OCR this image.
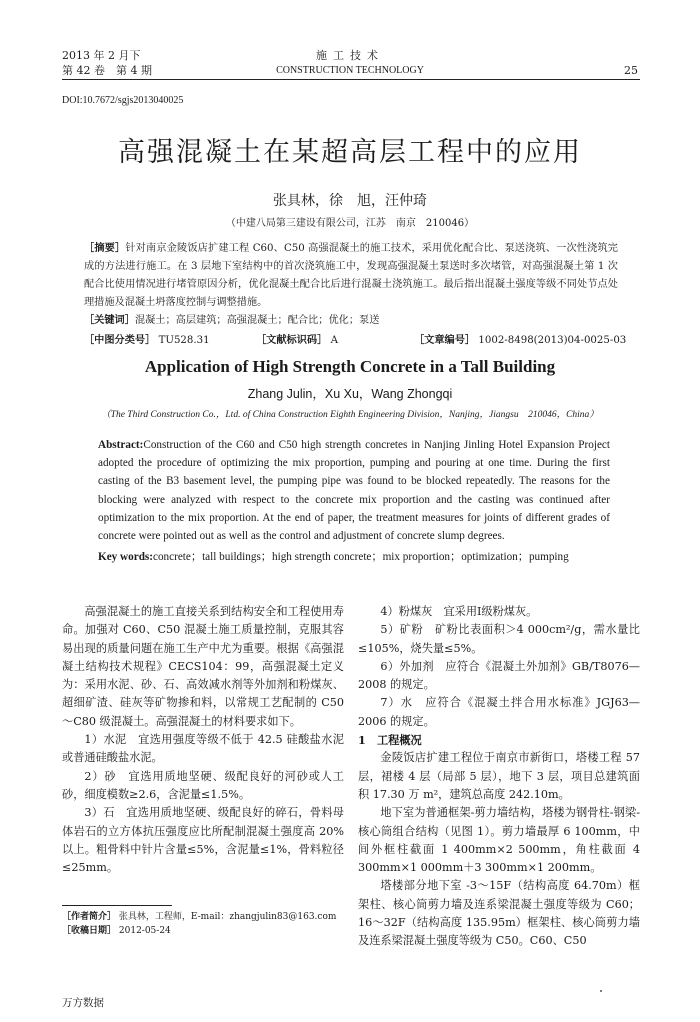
2013 年 2 月下
第 42 卷　第 4 期
施工技术
CONSTRUCTION TECHNOLOGY	25
DOI:10.7672/sgjs2013040025
高强混凝土在某超高层工程中的应用
张具林，徐　旭，汪仲琦
（中建八局第三建设有限公司，江苏　南京　210046）
［摘要］针对南京金陵饭店扩建工程 C60、C50 高强混凝土的施工技术，采用优化配合比、泵送浇筑、一次性浇筑完成的方法进行施工。在 3 层地下室结构中的首次浇筑施工中，发现高强混凝土泵送时多次堵管，对高强混凝土第 1 次配合比使用情况进行堵管原因分析，优化混凝土配合比后进行混凝土浇筑施工。最后指出混凝土强度等级不同处节点处理措施及混凝土坍落度控制与调整措施。
［关键词］混凝土；高层建筑；高强混凝土；配合比；优化；泵送
［中图分类号］ TU528.31	［文献标识码］ A	［文章编号］ 1002-8498(2013)04-0025-03
Application of High Strength Concrete in a Tall Building
Zhang Julin，Xu Xu，Wang Zhongqi
（The Third Construction Co.，Ltd. of China Construction Eighth Engineering Division，Nanjing，Jiangsu　210046，China）
Abstract:Construction of the C60 and C50 high strength concretes in Nanjing Jinling Hotel Expansion Project adopted the procedure of optimizing the mix proportion, pumping and pouring at one time. During the first casting of the B3 basement level, the pumping pipe was found to be blocked repeatedly. The reasons for the blocking were analyzed with respect to the concrete mix proportion and the casting was continued after optimization to the mix proportion. At the end of paper, the treatment measures for joints of different grades of concrete were pointed out as well as the control and adjustment of concrete slump degrees.
Key words:concrete；tall buildings；high strength concrete；mix proportion；optimization；pumping

高强混凝土的施工直接关系到结构安全和工程使用寿命。加强对 C60、C50 混凝土施工质量控制，克服其容易出现的质量问题在施工生产中尤为重要。根据《高强混凝土结构技术规程》CECS104：99，高强混凝土定义为：采用水泥、砂、石、高效减水剂等外加剂和粉煤灰、超细矿渣、硅灰等矿物掺和料，以常规工艺配制的 C50～C80 级混凝土。高强混凝土的材料要求如下。

1）水泥　宜选用强度等级不低于 42.5 硅酸盐水泥或普通硅酸盐水泥。

2）砂　宜选用质地坚硬、级配良好的河砂或人工砂，细度模数≥2.6，含泥量≤1.5%。

3）石　宜选用质地坚硬、级配良好的碎石，骨料母体岩石的立方体抗压强度应比所配制混凝土强度高 20% 以上。粗骨料中针片含量≤5%，含泥量≤1%，骨料粒径≤25mm。

4）粉煤灰　宜采用Ⅰ级粉煤灰。

5）矿粉　矿粉比表面积＞4 000cm²/g，需水量比≤105%，烧失量≤5%。

6）外加剂　应符合《混凝土外加剂》GB/T8076—2008 的规定。

7）水　应符合《混凝土拌合用水标准》JGJ63—2006 的规定。

1　工程概况

金陵饭店扩建工程位于南京市新街口，塔楼工程 57 层，裙楼 4 层（局部 5 层），地下 3 层，项目总建筑面积 17.30 万 m²，建筑总高度 242.10m。

地下室为普通框架-剪力墙结构，塔楼为钢骨柱-钢梁-核心筒组合结构（见图 1）。剪力墙最厚 6 100mm，中间外框柱截面 1 400mm×2 500mm，角柱截面 4 300mm×1 000mm＋3 300mm×1 200mm。

塔楼部分地下室 -3～15F（结构高度 64.70m）框架柱、核心筒剪力墙及连系梁混凝土强度等级为 C60；16～32F（结构高度 135.95m）框架柱、核心筒剪力墙及连系梁混凝土强度等级为 C50。C60、C50

［作者简介］ 张具林，工程师，E-mail：zhangjulin83@163.com
［收稿日期］ 2012-05-24
万方数据
